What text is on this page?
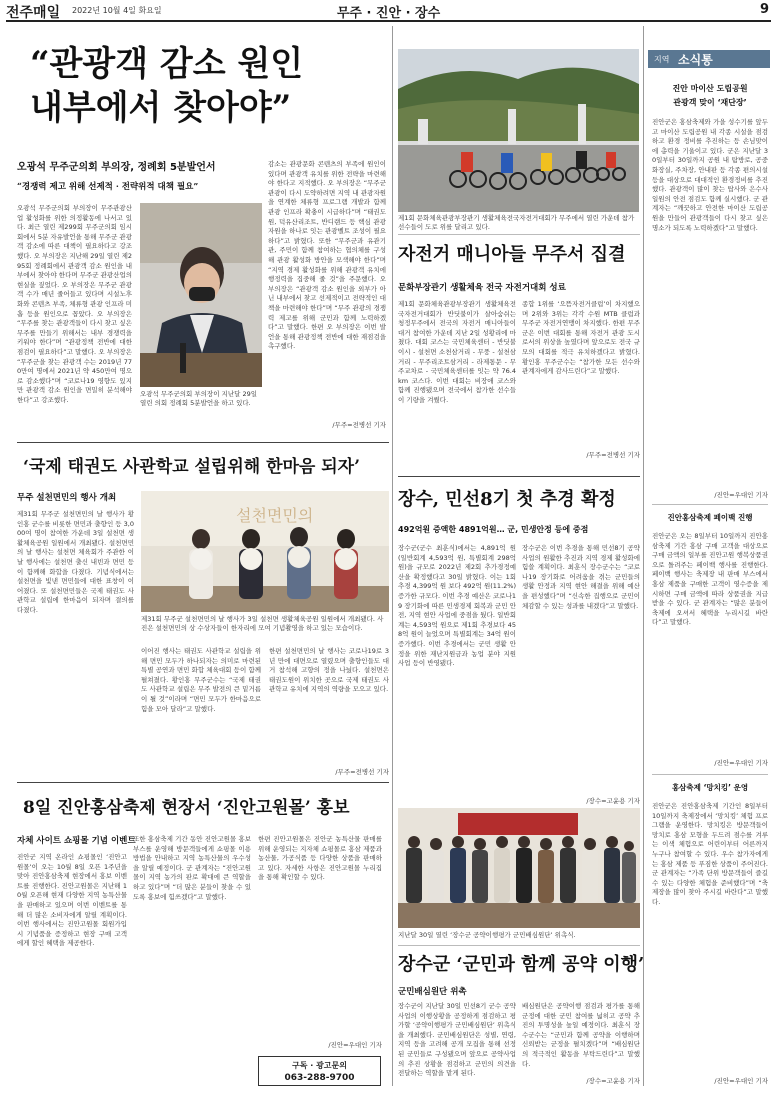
전주매일 2022년 10월 4일 화요일	무주 · 진안 · 장수	9
“관광객 감소 원인
내부에서 찾아야”
오광석 무주군의회 부의장, 정례회 5분발언서
“경쟁력 제고 위해 선제적 · 전략위적 대책 필요”
오광석 무주군의회 부의장이 무주관광산업 활성화를 위한 의정활동에 나서고 있다. 최근 열린 제299회 무주군의회 임시회에서 5분 자유발언을 통해 무주군 관광객 감소에 따른 대책이 필요하다고 강조했다. 오 부의장은 지난해 29일 열린 제295회 정례회에서 관광객 감소 원인을 내부에서 찾아야 한다며 무주군 관광산업의 현실을 짚었다. 오 부의장은 무주군 관광객 수가 매년 줄어들고 있다며 시설노후화와 콘텐츠 부족, 체류형 관광 인프라 미흡 등을 원인으로 꼽았다. 오 부의장은 “무주를 찾는 관광객들이 다시 찾고 싶은 무주를 만들기 위해서는 내부 경쟁력을 키워야 한다”며 “관광정책 전반에 대한 점검이 필요하다”고 말했다. 오 부의장은 “무주군을 찾는 관광객 수는 2019년 770만여 명에서 2021년 약 450만여 명으로 감소했다”며 “코로나19 영향도 있지만 관광객 감소 원인을 면밀히 분석해야 한다”고 강조했다.
오광석 무주군의회 부의장이 지난달 29일 열린 의회 정례회 5분발언을 하고 있다.
감소는 관광문화 콘텐츠의 부족에 원인이 있다며 관광객 유치를 위한 전략을 마련해야 한다고 지적했다. 오 부의장은 “무주군 관광이 다시 도약하려면 지역 내 관광자원을 연계한 체류형 프로그램 개발과 함께 관광 인프라 확충이 시급하다”며 “태권도원, 덕유산리조트, 반디랜드 등 핵심 관광자원을 하나로 잇는 관광벨트 조성이 필요하다”고 밝혔다. 또한 “무주군과 유관기관, 주민이 함께 참여하는 협의체를 구성해 관광 활성화 방안을 모색해야 한다”며 “지역 경제 활성화를 위해 관광객 유치에 행정력을 집중해 줄 것”을 주문했다. 오 부의장은 “관광객 감소 원인을 외부가 아닌 내부에서 찾고 선제적이고 전략적인 대책을 마련해야 한다”며 “무주 관광의 경쟁력 제고를 위해 군민과 함께 노력하겠다”고 말했다. 한편 오 부의장은 이번 발언을 통해 관광정책 전반에 대한 재점검을 촉구했다.
/무주=전병선 기자
‘국제 태권도 사관학교 설립위해 한마음 되자’
무주 설천면민의 행사 개최
제31회 무주군 설천면민의 날 행사가 황인홍 군수를 비롯한 면민과 출향인 등 3,000여 명이 참여한 가운데 3일 설천면 생활체육공원 일원에서 개최됐다. 설천면민의 날 행사는 설천면 체육회가 주관한 이날 행사에는 설천면 출신 내빈과 면민 등이 함께해 화합을 다졌다. 기념식에서는 설천면을 빛낸 면민들에 대한 표창이 이어졌다. 또 설천면민들은 국제 태권도 사관학교 설립에 한마음이 되자며 결의를 다졌다.
설천면민의
제31회 무주군 설천면민의 날 행사가 3일 설천면 생활체육공원 일원에서 개최됐다. 사진은 설천면민의 상 수상자들이 한자리에 모여 기념촬영을 하고 있는 모습이다.
이어진 행사는 태권도 사관학교 설립을 위해 면민 모두가 하나되자는 의미로 마련된 특별 공연과 면민 화합 체육대회 등이 함께 펼쳐졌다. 황인홍 무주군수는 “국제 태권도 사관학교 설립은 무주 발전의 큰 밑거름이 될 것”이라며 “면민 모두가 한마음으로 힘을 모아 달라”고 말했다.
한편 설천면민의 날 행사는 코로나19로 3년 만에 대면으로 열렸으며 출향인들도 대거 참석해 고향의 정을 나눴다. 설천면은 태권도원이 위치한 곳으로 국제 태권도 사관학교 유치에 지역의 역량을 모으고 있다.
/무주=전병선 기자
8일 진안홍삼축제 현장서 ‘진안고원몰’ 홍보
자체 사이트 쇼핑몰 기념 이벤트
진안군 지역 온라인 쇼핑몰인 ‘진안고원몰’이 오는 10월 8일 오픈 1주년을 맞아 진안홍삼축제 현장에서 홍보 이벤트를 진행한다. 진안고원몰은 지난해 10월 오픈해 현재 다양한 지역 농특산물을 판매하고 있으며 이번 이벤트를 통해 더 많은 소비자에게 알릴 계획이다. 이번 행사에서는 진안고원몰 회원가입 시 기념품을 증정하고 현장 구매 고객에게 할인 혜택을 제공한다.
또한 홍삼축제 기간 동안 진안고원몰 홍보부스를 운영해 방문객들에게 쇼핑몰 이용 방법을 안내하고 지역 농특산물의 우수성을 알릴 예정이다. 군 관계자는 “진안고원몰이 지역 농가의 판로 확대에 큰 역할을 하고 있다”며 “더 많은 분들이 찾을 수 있도록 홍보에 힘쓰겠다”고 말했다.
한편 진안고원몰은 진안군 농특산물 판매를 위해 운영되는 지자체 쇼핑몰로 홍삼 제품과 농산물, 가공식품 등 다양한 상품을 판매하고 있다. 자세한 사항은 진안고원몰 누리집을 통해 확인할 수 있다.
/진안=우대인 기자
구독 · 광고문의
063-288-9700
제1회 문화체육관광부장관기 생활체육전국자전거대회가 무주에서 열린 가운데 참가 선수들이 도로 위를 달리고 있다.
자전거 매니아들 무주서 집결
문화부장관기 생활체육 전국 자전거대회 성료
제1회 문화체육관광부장관기 생활체육전국자전거대회가 반딧불이가 살아숨쉬는 청정무주에서 전국의 자전거 매니아들이 대거 참여한 가운데 지난 2일 성황리에 마쳤다. 대회 코스는 국민체육센터 - 반딧불이시 - 설천면 소천삼거리 - 무풍 - 설천삼거리 - 무주리조트삼거리 - 라제통문 - 무주교차로 - 국민체육센터를 잇는 약 76.4km 코스다. 이번 대회는 비장애 코스와 함께 진행됐으며 전국에서 참가한 선수들이 기량을 겨뤘다.
종합 1위를 ‘으뜸자전거클럽’이 차지했으며 2위와 3위는 각각 수원 MTB 클럽과 무주군 자전거연맹이 차지했다. 한편 무주군은 이번 대회를 통해 자전거 관광 도시로서의 위상을 높였다며 앞으로도 전국 규모의 대회를 적극 유치하겠다고 밝혔다. 황인홍 무주군수는 “참가한 모든 선수와 관계자에게 감사드린다”고 말했다.
/무주=전병선 기자
장수, 민선8기 첫 추경 확정
492억원 증액한 4891억원… 군, 민생안정 등에 중점
장수군(군수 최훈식)에서는 4,891억 원(일반회계 4,593억 원, 특별회계 298억 원)을 규모로 2022년 제2회 추가경정예산을 확정했다고 30일 밝혔다. 이는 1회 추경 4,399억 원 보다 492억 원(11.2%) 증가한 규모다. 이번 추경 예산은 코로나19 장기화에 따른 민생경제 회복과 군민 안전, 지역 현안 사업에 중점을 뒀다. 일반회계는 4,593억 원으로 제1회 추경보다 458억 원이 늘었으며 특별회계는 34억 원이 증가했다. 이번 추경에서는 군민 생활 안정을 위한 재난지원금과 농업 분야 지원 사업 등이 반영됐다.
장수군은 이번 추경을 통해 민선8기 공약사업의 원활한 추진과 지역 경제 활성화에 힘쓸 계획이다. 최훈식 장수군수는 “코로나19 장기화로 어려움을 겪는 군민들의 생활 안정과 지역 현안 해결을 위해 예산을 편성했다”며 “신속한 집행으로 군민이 체감할 수 있는 성과를 내겠다”고 말했다.
/장수=고윤용 기자
지난달 30일 열린 ‘장수군 공약이행평가 군민배심원단’ 위촉식.
장수군 ‘군민과 함께 공약 이행’
군민배심원단 위촉
장수군이 지난달 30일 민선8기 군수 공약사업의 이행상황을 공정하게 점검하고 평가할 ‘공약이행평가 군민배심원단’ 위촉식을 개최했다. 군민배심원단은 성별, 연령, 지역 등을 고려해 공개 모집을 통해 선정된 군민들로 구성됐으며 앞으로 공약사업의 추진 상황을 점검하고 군민의 의견을 전달하는 역할을 맡게 된다.
배심원단은 공약이행 점검과 평가를 통해 군정에 대한 군민 참여를 넓히고 공약 추진의 투명성을 높일 예정이다. 최훈식 장수군수는 “군민과 함께 공약을 이행하며 신뢰받는 군정을 펼치겠다”며 “배심원단의 적극적인 활동을 부탁드린다”고 말했다.
/장수=고윤용 기자
지역 소식통
진안 마이산 도립공원
관광객 맞이 ‘재단장’
진안군은 홍삼축제와 가을 성수기를 앞두고 마이산 도립공원 내 각종 시설을 점검하고 환경 정비를 추진하는 등 손님맞이에 총력을 기울이고 있다. 군은 지난달 30일부터 30일까지 공원 내 탐방로, 공중화장실, 주차장, 안내판 등 각종 편의시설 등을 대상으로 대대적인 환경정비를 추진했다. 관광객이 많이 찾는 탑사와 은수사 일원의 안전 점검도 함께 실시했다. 군 관계자는 “깨끗하고 안전한 마이산 도립공원을 만들어 관광객들이 다시 찾고 싶은 명소가 되도록 노력하겠다”고 말했다.
/진안=우대인 기자
진안홍삼축제 페이백 진행
진안군은 오는 8일부터 10일까지 진안홍삼축제 기간 홍삼 구매 고객을 대상으로 구매 금액의 일부를 진안고원 행복상품권으로 돌려주는 페이백 행사를 진행한다. 페이백 행사는 축제장 내 판매 부스에서 홍삼 제품을 구매한 고객이 영수증을 제시하면 구매 금액에 따라 상품권을 지급받을 수 있다. 군 관계자는 “많은 분들이 축제에 오셔서 혜택을 누리시길 바란다”고 말했다.
/진안=우대인 기자
홍삼축제 ‘망치킹’ 운영
진안군은 진안홍삼축제 기간인 8일부터 10일까지 축제장에서 ‘망치킹’ 체험 프로그램을 운영한다. 망치킹은 방문객들이 망치로 홍삼 모형을 두드려 점수를 겨루는 이색 체험으로 어린이부터 어른까지 누구나 참여할 수 있다. 우수 참가자에게는 홍삼 제품 등 푸짐한 상품이 주어진다. 군 관계자는 “가족 단위 방문객들이 즐길 수 있는 다양한 체험을 준비했다”며 “축제장을 많이 찾아 주시길 바란다”고 말했다.
/진안=우대인 기자
